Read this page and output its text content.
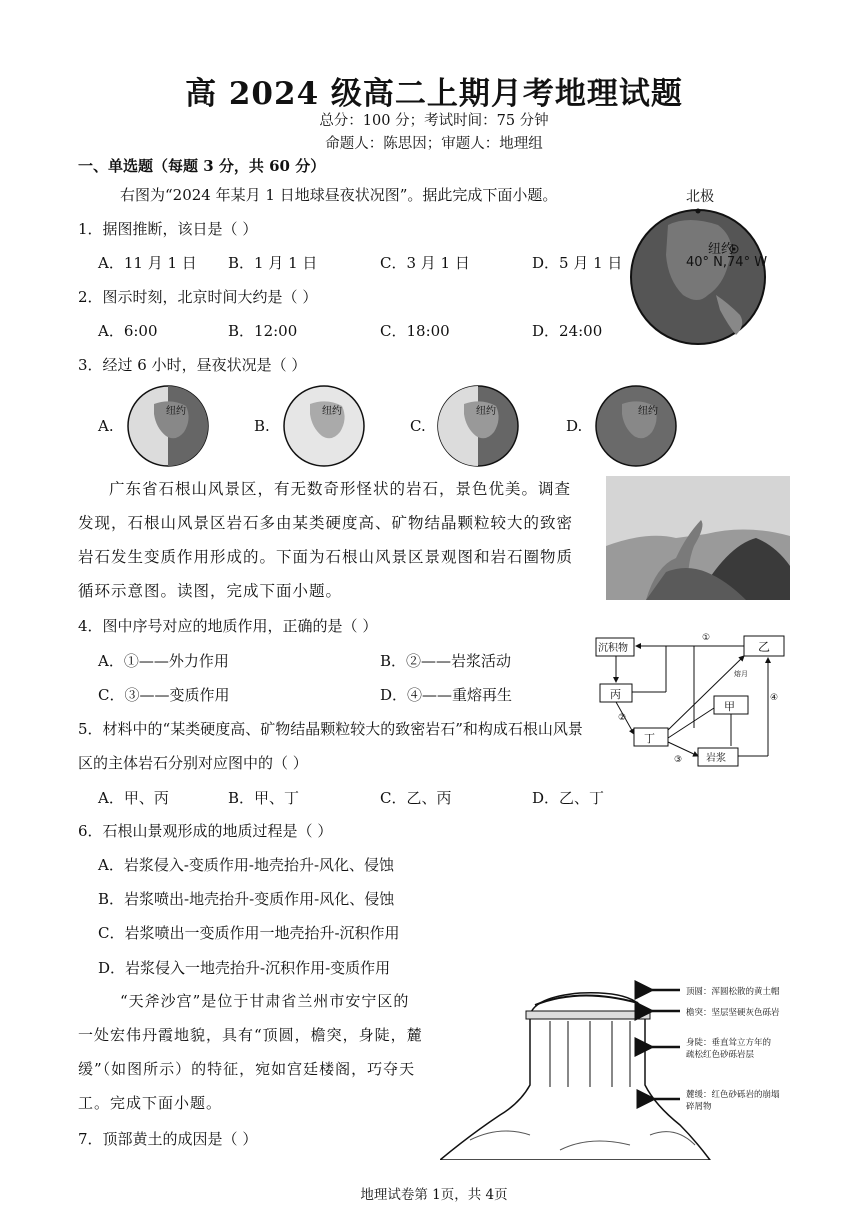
高 2024 级高二上期月考地理试题
总分：100 分；考试时间：75 分钟
命题人：陈思因；审题人：地理组
一、单选题（每题 3 分，共 60 分）
右图为“2024 年某月 1 日地球昼夜状况图”。据此完成下面小题。	北极
纽约
40° N,74° W
1．据图推断，该日是（ ）
A．11 月 1 日 B．1 月 1 日	C．3 月 1 日	D．5 月 1 日
2．图示时刻，北京时间大约是（ ）
A．6:00	B．12:00	C．18:00	D．24:00
3．经过 6 小时，昼夜状况是（ ）
A.
纽约
B.
纽约
C.
纽约
D.
纽约
广东省石根山风景区，有无数奇形怪状的岩石，景色优美。调查发现，石根山风景区岩石多由某类硬度高、矿物结晶颗粒较大的致密岩石发生变质作用形成的。下面为石根山风景区景观图和岩石圈物质循环示意图。读图，完成下面小题。
沉积物	乙
丙
甲
丁
岩浆
①
②
③
④
熔月
4．图中序号对应的地质作用，正确的是（ ）
A．①——外力作用	B．②——岩浆活动
C．③——变质作用	D．④——重熔再生
5．材料中的“某类硬度高、矿物结晶颗粒较大的致密岩石”和构成石根山风景
区的主体岩石分别对应图中的（ ）
A．甲、丙	B．甲、丁	C．乙、丙	D．乙、丁
6．石根山景观形成的地质过程是（ ）
A．岩浆侵入-变质作用-地壳抬升-风化、侵蚀
B．岩浆喷出-地壳抬升-变质作用-风化、侵蚀
C．岩浆喷出一变质作用一地壳抬升-沉积作用
D．岩浆侵入一地壳抬升-沉积作用-变质作用
“天斧沙宫”是位于甘肃省兰州市安宁区的
一处宏伟丹霞地貌，具有“顶圆，檐突，身陡，麓
缓”（如图所示）的特征，宛如宫廷楼阁，巧夺天
工。完成下面小题。
顶圆：浑圆松散的黄土帽
檐突：坚层坚硬灰色砾岩
身陡：垂直耸立方年的
疏松红色砂砾岩层
麓缓：红色砂砾岩的崩塌
碎屑物
7．顶部黄土的成因是（ ）
地理试卷第 1页，共 4页
